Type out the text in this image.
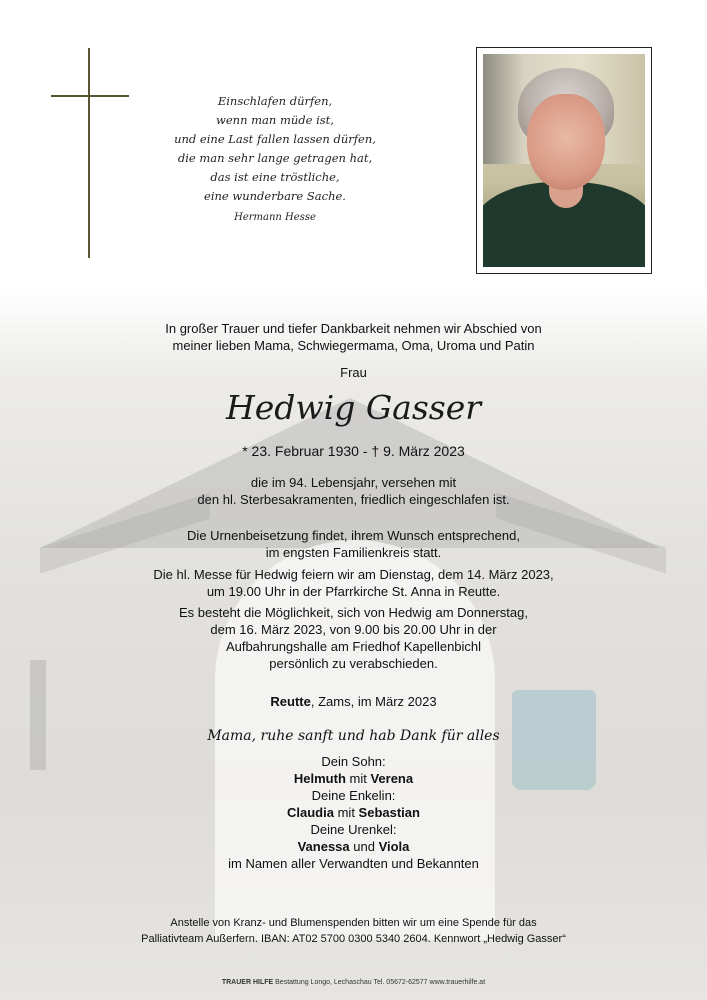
Einschlafen dürfen,
wenn man müde ist,
und eine Last fallen lassen dürfen,
die man sehr lange getragen hat,
das ist eine tröstliche,
eine wunderbare Sache.
Hermann Hesse
In großer Trauer und tiefer Dankbarkeit nehmen wir Abschied von
meiner lieben Mama, Schwiegermama, Oma, Uroma und Patin
Frau
Hedwig Gasser
* 23. Februar 1930 - † 9. März 2023
die im 94. Lebensjahr, versehen mit
den hl. Sterbesakramenten, friedlich eingeschlafen ist.
Die Urnenbeisetzung findet, ihrem Wunsch entsprechend,
im engsten Familienkreis statt.
Die hl. Messe für Hedwig feiern wir am Dienstag, dem 14. März 2023,
um 19.00 Uhr in der Pfarrkirche St. Anna in Reutte.
Es besteht die Möglichkeit, sich von Hedwig am Donnerstag,
dem 16. März 2023, von 9.00 bis 20.00 Uhr in der
Aufbahrungshalle am Friedhof Kapellenbichl
persönlich zu verabschieden.
Reutte, Zams, im März 2023
Mama, ruhe sanft und hab Dank für alles
Dein Sohn:
Helmuth mit Verena
Deine Enkelin:
Claudia mit Sebastian
Deine Urenkel:
Vanessa und Viola
im Namen aller Verwandten und Bekannten
Anstelle von Kranz- und Blumenspenden bitten wir um eine Spende für das
Palliativteam Außerfern. IBAN: AT02 5700 0300 5340 2604. Kennwort „Hedwig Gasser“
TRAUER HILFE Bestattung Longo, Lechaschau Tel. 05672-62577 www.trauerhilfe.at
